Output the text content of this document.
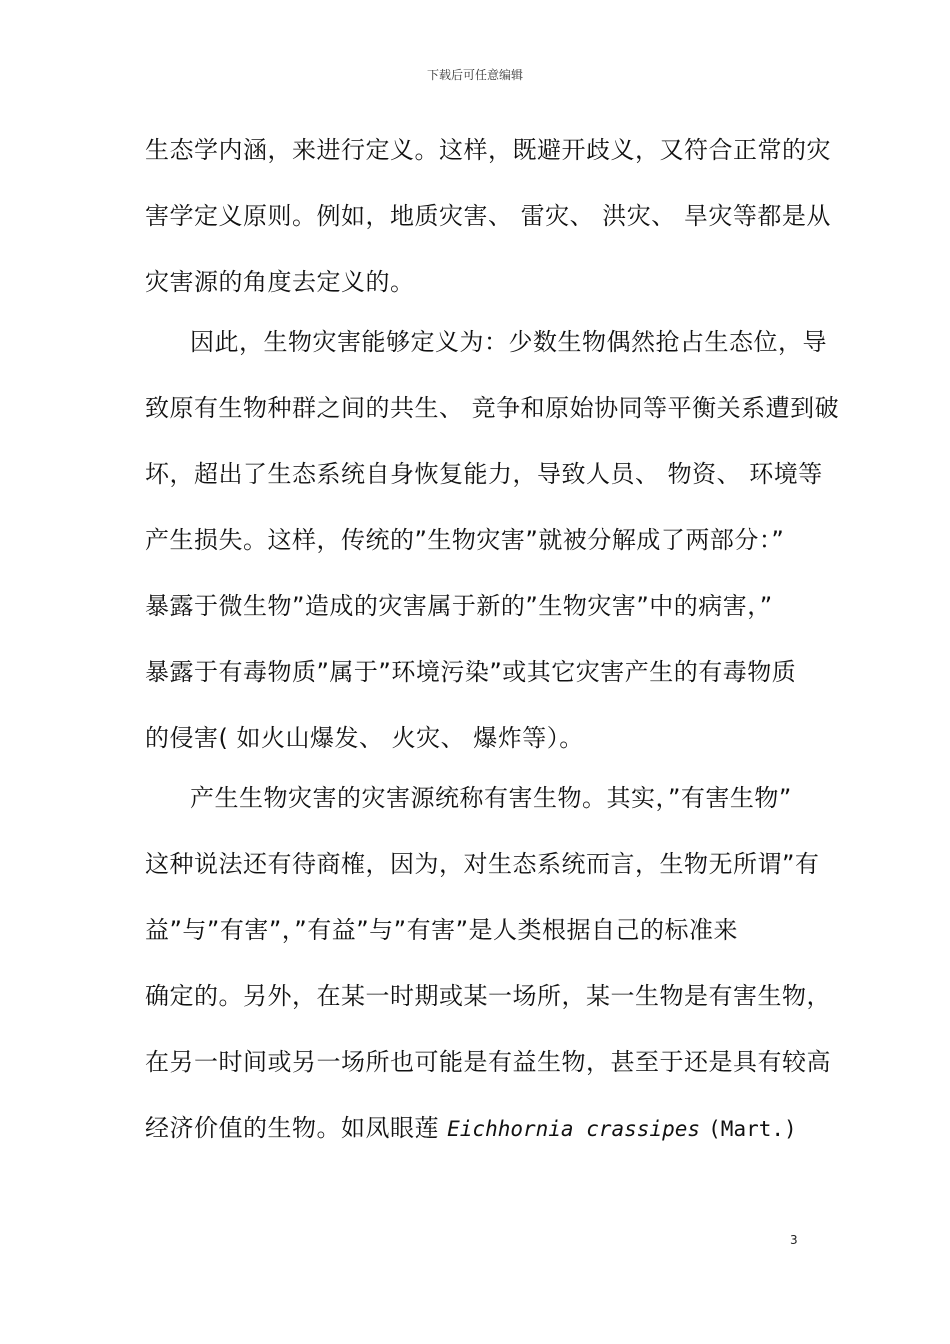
下载后可任意编辑
生态学内涵，来进行定义。这样，既避开歧义，又符合正常的灾
害学定义原则。例如，地质灾害、 雷灾、 洪灾、 旱灾等都是从
灾害源的角度去定义的。
因此，生物灾害能够定义为：少数生物偶然抢占生态位，导
致原有生物种群之间的共生、 竞争和原始协同等平衡关系遭到破
坏，超出了生态系统自身恢复能力，导致人员、 物资、 环境等
产生损失。这样，传统的”生物灾害”就被分解成了两部分：”
暴露于微生物”造成的灾害属于新的”生物灾害”中的病害，”
暴露于有毒物质”属于”环境污染”或其它灾害产生的有毒物质
的侵害( 如火山爆发、 火灾、 爆炸等）。
产生生物灾害的灾害源统称有害生物。其实，”有害生物”
这种说法还有待商榷，因为，对生态系统而言，生物无所谓”有
益”与”有害”，”有益”与”有害”是人类根据自己的标准来
确定的。另外，在某一时期或某一场所，某一生物是有害生物，
在另一时间或另一场所也可能是有益生物，甚至于还是具有较高
经济价值的生物。如凤眼莲 Eichhornia crassipes (Mart.)
3
